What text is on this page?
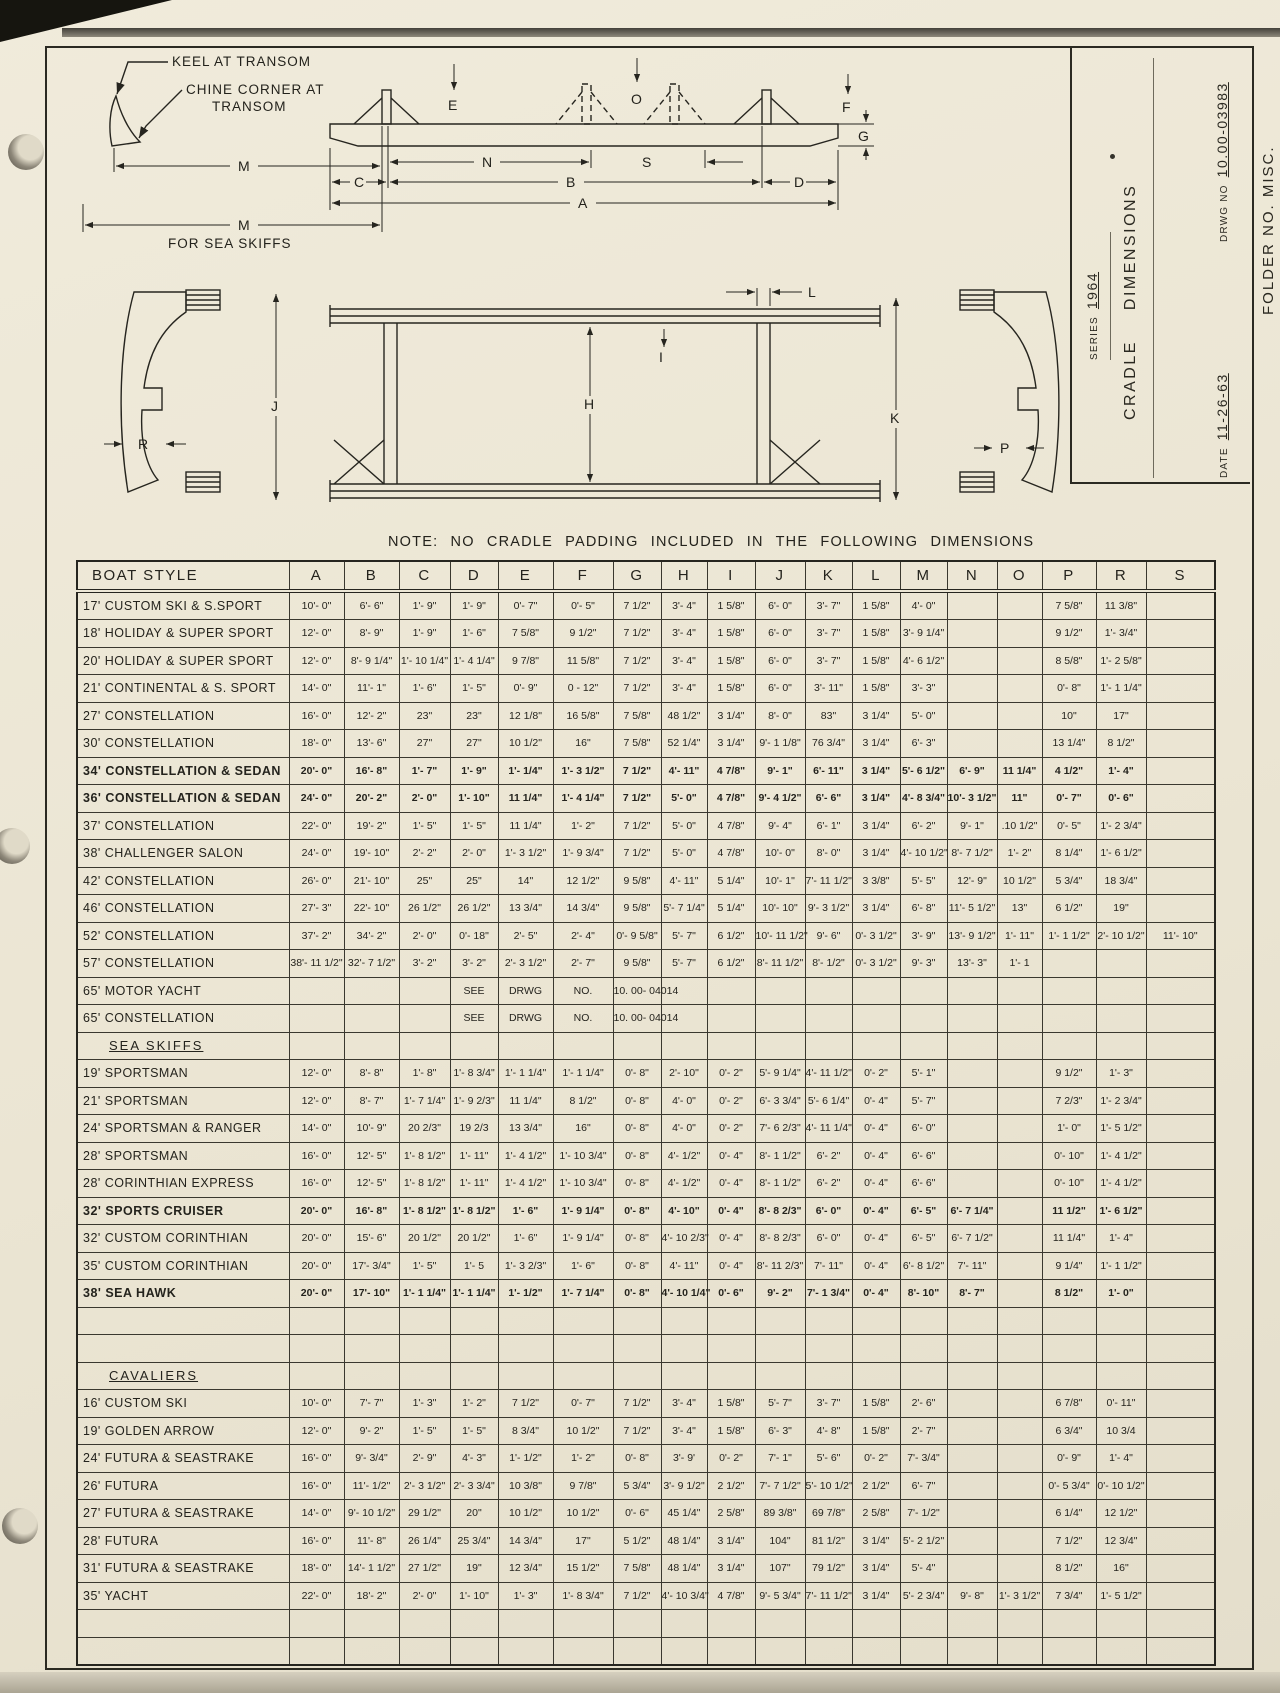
SERIES1964
CRADLEDIMENSIONS	DRWG NO10.00-03983
DATE11-26-63
FOLDER NO. MISC.
KEEL AT TRANSOM
CHINE CORNER AT
TRANSOM
FOR SEA SKIFFS
E	O	F
G
M	N	S
C	B	D
A
M
J	H
K
L
I
R	P
NOTE: NO CRADLE PADDING INCLUDED IN THE FOLLOWING DIMENSIONS
BOAT STYLE	A	B	C	D	E	F	G	H	I	J	K	L	M	N	O	P	R	S
17' CUSTOM SKI & S.SPORT	10'- 0"	6'- 6"	1'- 9"	1'- 9"	0'- 7"	0'- 5"	7 1/2"	3'- 4"	1 5/8"	6'- 0"	3'- 7"	1 5/8"	4'- 0"			7 5/8"	11 3/8"	
18' HOLIDAY & SUPER SPORT	12'- 0"	8'- 9"	1'- 9"	1'- 6"	7 5/8"	9 1/2"	7 1/2"	3'- 4"	1 5/8"	6'- 0"	3'- 7"	1 5/8"	3'- 9 1/4"			9 1/2"	1'- 3/4"	
20' HOLIDAY & SUPER SPORT	12'- 0"	8'- 9 1/4"	1'- 10 1/4"	1'- 4 1/4"	9 7/8"	11 5/8"	7 1/2"	3'- 4"	1 5/8"	6'- 0"	3'- 7"	1 5/8"	4'- 6 1/2"			8 5/8"	1'- 2 5/8"	
21' CONTINENTAL & S. SPORT	14'- 0"	11'- 1"	1'- 6"	1'- 5"	0'- 9"	0 - 12"	7 1/2"	3'- 4"	1 5/8"	6'- 0"	3'- 11"	1 5/8"	3'- 3"			0'- 8"	1'- 1 1/4"	
27' CONSTELLATION	16'- 0"	12'- 2"	23"	23"	12 1/8"	16 5/8"	7 5/8"	48 1/2"	3 1/4"	8'- 0"	83"	3 1/4"	5'- 0"			10"	17"	
30' CONSTELLATION	18'- 0"	13'- 6"	27"	27"	10 1/2"	16"	7 5/8"	52 1/4"	3 1/4"	9'- 1 1/8"	76 3/4"	3 1/4"	6'- 3"			13 1/4"	8 1/2"	
34' CONSTELLATION & SEDAN	20'- 0"	16'- 8"	1'- 7"	1'- 9"	1'- 1/4"	1'- 3 1/2"	7 1/2"	4'- 11"	4 7/8"	9'- 1"	6'- 11"	3 1/4"	5'- 6 1/2"	6'- 9"	11 1/4"	4 1/2"	1'- 4"	
36' CONSTELLATION & SEDAN	24'- 0"	20'- 2"	2'- 0"	1'- 10"	11 1/4"	1'- 4 1/4"	7 1/2"	5'- 0"	4 7/8"	9'- 4 1/2"	6'- 6"	3 1/4"	4'- 8 3/4"	10'- 3 1/2"	11"	0'- 7"	0'- 6"	
37' CONSTELLATION	22'- 0"	19'- 2"	1'- 5"	1'- 5"	11 1/4"	1'- 2"	7 1/2"	5'- 0"	4 7/8"	9'- 4"	6'- 1"	3 1/4"	6'- 2"	9'- 1"	.10 1/2"	0'- 5"	1'- 2 3/4"	
38' CHALLENGER SALON	24'- 0"	19'- 10"	2'- 2"	2'- 0"	1'- 3 1/2"	1'- 9 3/4"	7 1/2"	5'- 0"	4 7/8"	10'- 0"	8'- 0"	3 1/4"	4'- 10 1/2"	8'- 7 1/2"	1'- 2"	8 1/4"	1'- 6 1/2"	
42' CONSTELLATION	26'- 0"	21'- 10"	25"	25"	14"	12 1/2"	9 5/8"	4'- 11"	5 1/4"	10'- 1"	7'- 11 1/2"	3 3/8"	5'- 5"	12'- 9"	10 1/2"	5 3/4"	18 3/4"	
46' CONSTELLATION	27'- 3"	22'- 10"	26 1/2"	26 1/2"	13 3/4"	14 3/4"	9 5/8"	5'- 7 1/4"	5 1/4"	10'- 10"	9'- 3 1/2"	3 1/4"	6'- 8"	11'- 5 1/2"	13"	6 1/2"	19"	
52' CONSTELLATION	37'- 2"	34'- 2"	2'- 0"	0'- 18"	2'- 5"	2'- 4"	0'- 9 5/8"	5'- 7"	6 1/2"	10'- 11 1/2"	9'- 6"	0'- 3 1/2"	3'- 9"	13'- 9 1/2"	1'- 11"	1'- 1 1/2"	2'- 10 1/2"	11'- 10"
57' CONSTELLATION	38'- 11 1/2"	32'- 7 1/2"	3'- 2"	3'- 2"	2'- 3 1/2"	2'- 7"	9 5/8"	5'- 7"	6 1/2"	8'- 11 1/2"	8'- 1/2"	0'- 3 1/2"	9'- 3"	13'- 3"	1'- 1			
65' MOTOR YACHT				SEE	DRWG	NO.	10. 00- 04014											
65' CONSTELLATION				SEE	DRWG	NO.	10. 00- 04014											
SEA SKIFFS																		
19' SPORTSMAN	12'- 0"	8'- 8"	1'- 8"	1'- 8 3/4"	1'- 1 1/4"	1'- 1 1/4"	0'- 8"	2'- 10"	0'- 2"	5'- 9 1/4"	4'- 11 1/2"	0'- 2"	5'- 1"			9 1/2"	1'- 3"	
21' SPORTSMAN	12'- 0"	8'- 7"	1'- 7 1/4"	1'- 9 2/3"	11 1/4"	8 1/2"	0'- 8"	4'- 0"	0'- 2"	6'- 3 3/4"	5'- 6 1/4"	0'- 4"	5'- 7"			7 2/3"	1'- 2 3/4"	
24' SPORTSMAN & RANGER	14'- 0"	10'- 9"	20 2/3"	19 2/3	13 3/4"	16"	0'- 8"	4'- 0"	0'- 2"	7'- 6 2/3"	4'- 11 1/4"	0'- 4"	6'- 0"			1'- 0"	1'- 5 1/2"	
28' SPORTSMAN	16'- 0"	12'- 5"	1'- 8 1/2"	1'- 11"	1'- 4 1/2"	1'- 10 3/4"	0'- 8"	4'- 1/2"	0'- 4"	8'- 1 1/2"	6'- 2"	0'- 4"	6'- 6"			0'- 10"	1'- 4 1/2"	
28' CORINTHIAN EXPRESS	16'- 0"	12'- 5"	1'- 8 1/2"	1'- 11"	1'- 4 1/2"	1'- 10 3/4"	0'- 8"	4'- 1/2"	0'- 4"	8'- 1 1/2"	6'- 2"	0'- 4"	6'- 6"			0'- 10"	1'- 4 1/2"	
32' SPORTS CRUISER	20'- 0"	16'- 8"	1'- 8 1/2"	1'- 8 1/2"	1'- 6"	1'- 9 1/4"	0'- 8"	4'- 10"	0'- 4"	8'- 8 2/3"	6'- 0"	0'- 4"	6'- 5"	6'- 7 1/4"		11 1/2"	1'- 6 1/2"	
32' CUSTOM CORINTHIAN	20'- 0"	15'- 6"	20 1/2"	20 1/2"	1'- 6"	1'- 9 1/4"	0'- 8"	4'- 10 2/3"	0'- 4"	8'- 8 2/3"	6'- 0"	0'- 4"	6'- 5"	6'- 7 1/2"		11 1/4"	1'- 4"	
35' CUSTOM CORINTHIAN	20'- 0"	17'- 3/4"	1'- 5"	1'- 5	1'- 3 2/3"	1'- 6"	0'- 8"	4'- 11"	0'- 4"	8'- 11 2/3"	7'- 11"	0'- 4"	6'- 8 1/2"	7'- 11"		9 1/4"	1'- 1 1/2"	
38' SEA HAWK	20'- 0"	17'- 10"	1'- 1 1/4"	1'- 1 1/4"	1'- 1/2"	1'- 7 1/4"	0'- 8"	4'- 10 1/4"	0'- 6"	9'- 2"	7'- 1 3/4"	0'- 4"	8'- 10"	8'- 7"		8 1/2"	1'- 0"	

CAVALIERS																		
16' CUSTOM SKI	10'- 0"	7'- 7"	1'- 3"	1'- 2"	7 1/2"	0'- 7"	7 1/2"	3'- 4"	1 5/8"	5'- 7"	3'- 7"	1 5/8"	2'- 6"			6 7/8"	0'- 11"	
19' GOLDEN ARROW	12'- 0"	9'- 2"	1'- 5"	1'- 5"	8 3/4"	10 1/2"	7 1/2"	3'- 4"	1 5/8"	6'- 3"	4'- 8"	1 5/8"	2'- 7"			6 3/4"	10 3/4	
24' FUTURA & SEASTRAKE	16'- 0"	9'- 3/4"	2'- 9"	4'- 3"	1'- 1/2"	1'- 2"	0'- 8"	3'- 9'	0'- 2"	7'- 1"	5'- 6"	0'- 2"	7'- 3/4"			0'- 9"	1'- 4"	
26' FUTURA	16'- 0"	11'- 1/2"	2'- 3 1/2"	2'- 3 3/4"	10 3/8"	9 7/8"	5 3/4"	3'- 9 1/2"	2 1/2"	7'- 7 1/2"	5'- 10 1/2"	2 1/2"	6'- 7"			0'- 5 3/4"	0'- 10 1/2"	
27' FUTURA & SEASTRAKE	14'- 0"	9'- 10 1/2"	29 1/2"	20"	10 1/2"	10 1/2"	0'- 6"	45 1/4"	2 5/8"	89 3/8"	69 7/8"	2 5/8"	7'- 1/2"			6 1/4"	12 1/2"	
28' FUTURA	16'- 0"	11'- 8"	26 1/4"	25 3/4"	14 3/4"	17"	5 1/2"	48 1/4"	3 1/4"	104"	81 1/2"	3 1/4"	5'- 2 1/2"			7 1/2"	12 3/4"	
31' FUTURA & SEASTRAKE	18'- 0"	14'- 1 1/2"	27 1/2"	19"	12 3/4"	15 1/2"	7 5/8"	48 1/4"	3 1/4"	107"	79 1/2"	3 1/4"	5'- 4"			8 1/2"	16"	
35' YACHT	22'- 0"	18'- 2"	2'- 0"	1'- 10"	1'- 3"	1'- 8 3/4"	7 1/2"	4'- 10 3/4"	4 7/8"	9'- 5 3/4"	7'- 11 1/2"	3 1/4"	5'- 2 3/4"	9'- 8"	1'- 3 1/2"	7 3/4"	1'- 5 1/2"	
